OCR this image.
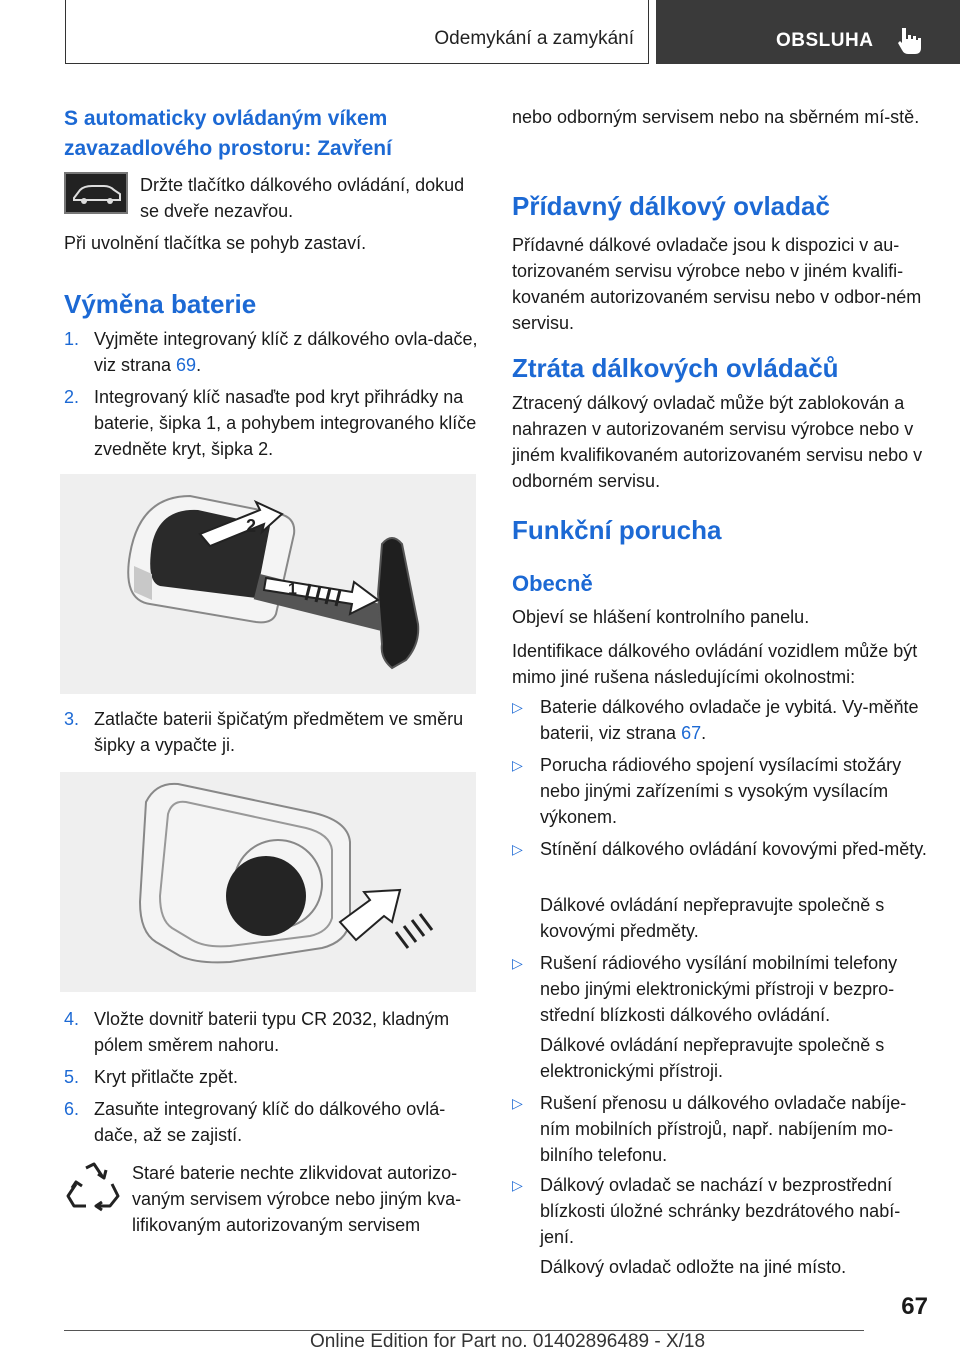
Odemykání a zamykání	OBSLUHA
S automaticky ovládaným víkem zavazadlového prostoru: Zavření

Držte tlačítko dálkového ovládání, dokud se dveře nezavřou.

Při uvolnění tlačítka se pohyb zastaví.

Výměna baterie
1. Vyjměte integrovaný klíč z dálkového ovla-dače, viz strana 69.
2. Integrovaný klíč nasaďte pod kryt přihrádky na baterie, šipka 1, a pohybem integrovaného klíče zvedněte kryt, šipka 2.
2
1
3. Zatlačte baterii špičatým předmětem ve směru šipky a vypačte ji.
4. Vložte dovnitř baterii typu CR 2032, kladným pólem směrem nahoru.
5. Kryt přitlačte zpět.
6. Zasuňte integrovaný klíč do dálkového ovlá-dače, až se zajistí.

Staré baterie nechte zlikvidovat autorizo-vaným servisem výrobce nebo jiným kva-lifikovaným autorizovaným servisem

nebo odborným servisem nebo na sběrném mí-stě.

Přídavný dálkový ovladač

Přídavné dálkové ovladače jsou k dispozici v au-torizovaném servisu výrobce nebo v jiném kvalifi-kovaném autorizovaném servisu nebo v odbor-ném servisu.

Ztráta dálkových ovládačů

Ztracený dálkový ovladač může být zablokován a nahrazen v autorizovaném servisu výrobce nebo v jiném kvalifikovaném autorizovaném servisu nebo v odborném servisu.

Funkční porucha
Obecně

Objeví se hlášení kontrolního panelu.

Identifikace dálkového ovládání vozidlem může být mimo jiné rušena následujícími okolnostmi:

▷ Baterie dálkového ovladače je vybitá. Vy-měňte baterii, viz strana 67.
▷ Porucha rádiového spojení vysílacími stožáry nebo jinými zařízeními s vysokým vysílacím výkonem.
▷ Stínění dálkového ovládání kovovými před-měty.

Dálkové ovládání nepřepravujte společně s kovovými předměty.

▷ Rušení rádiového vysílání mobilními telefony nebo jinými elektronickými přístroji v bezpro-střední blízkosti dálkového ovládání.

Dálkové ovládání nepřepravujte společně s elektronickými přístroji.

▷ Rušení přenosu u dálkového ovladače nabíje-ním mobilních přístrojů, např. nabíjením mo-bilního telefonu.
▷ Dálkový ovladač se nachází v bezprostřední blízkosti úložné schránky bezdrátového nabí-jení.

Dálkový ovladač odložte na jiné místo.

67
Online Edition for Part no. 01402896489 - X/18
